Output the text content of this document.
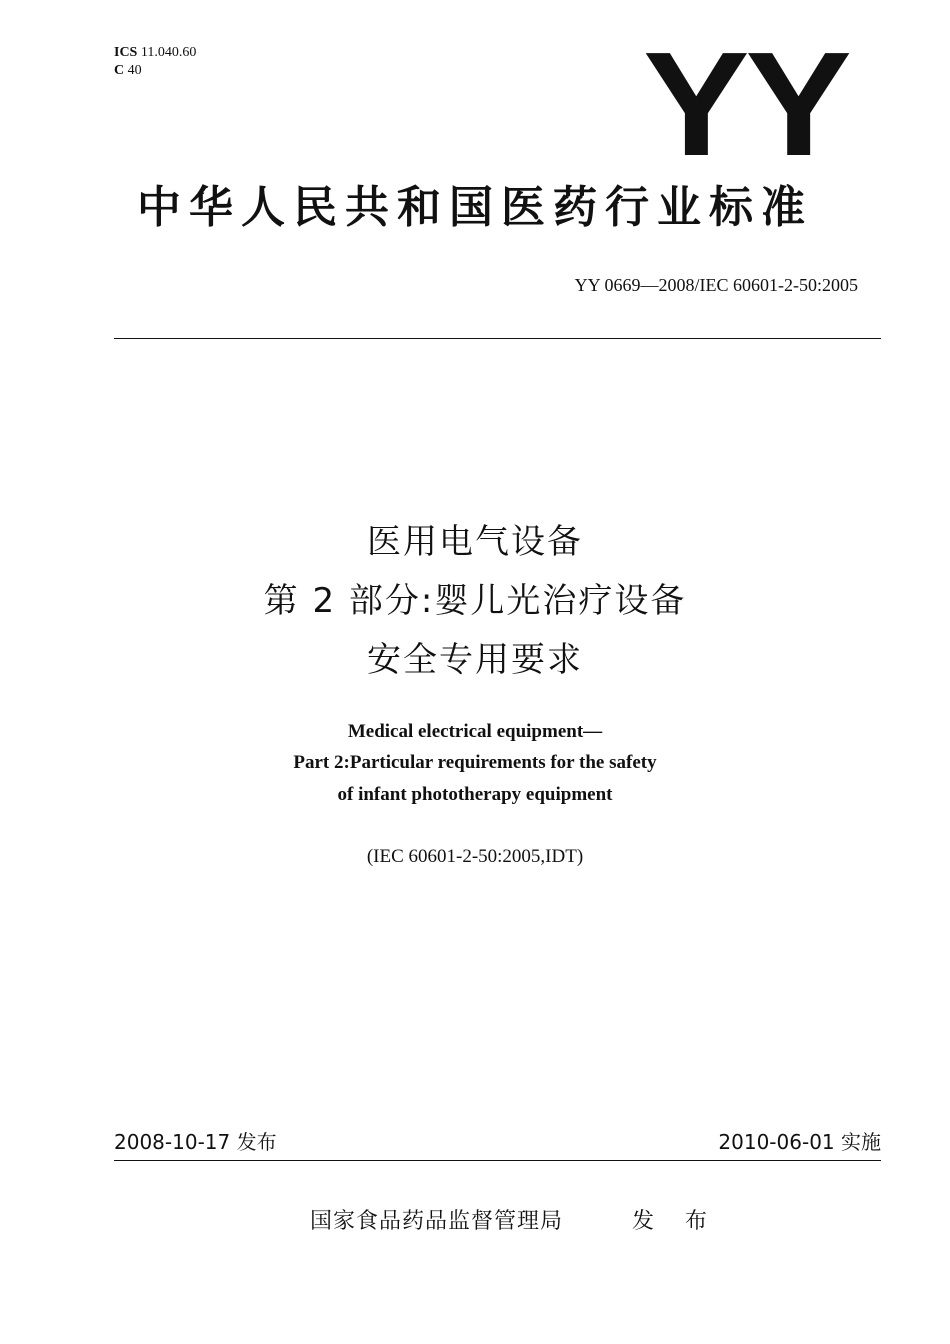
ICS 11.040.60
C 40	YY
中华人民共和国医药行业标准
YY 0669—2008/IEC 60601-2-50:2005
医用电气设备
第 2 部分:婴儿光治疗设备
安全专用要求
Medical electrical equipment—
Part 2:Particular requirements for the safety
of infant phototherapy equipment
(IEC 60601-2-50:2005,IDT)
2008-10-17 发布	2010-06-01 实施
国家食品药品监督管理局	发 布
